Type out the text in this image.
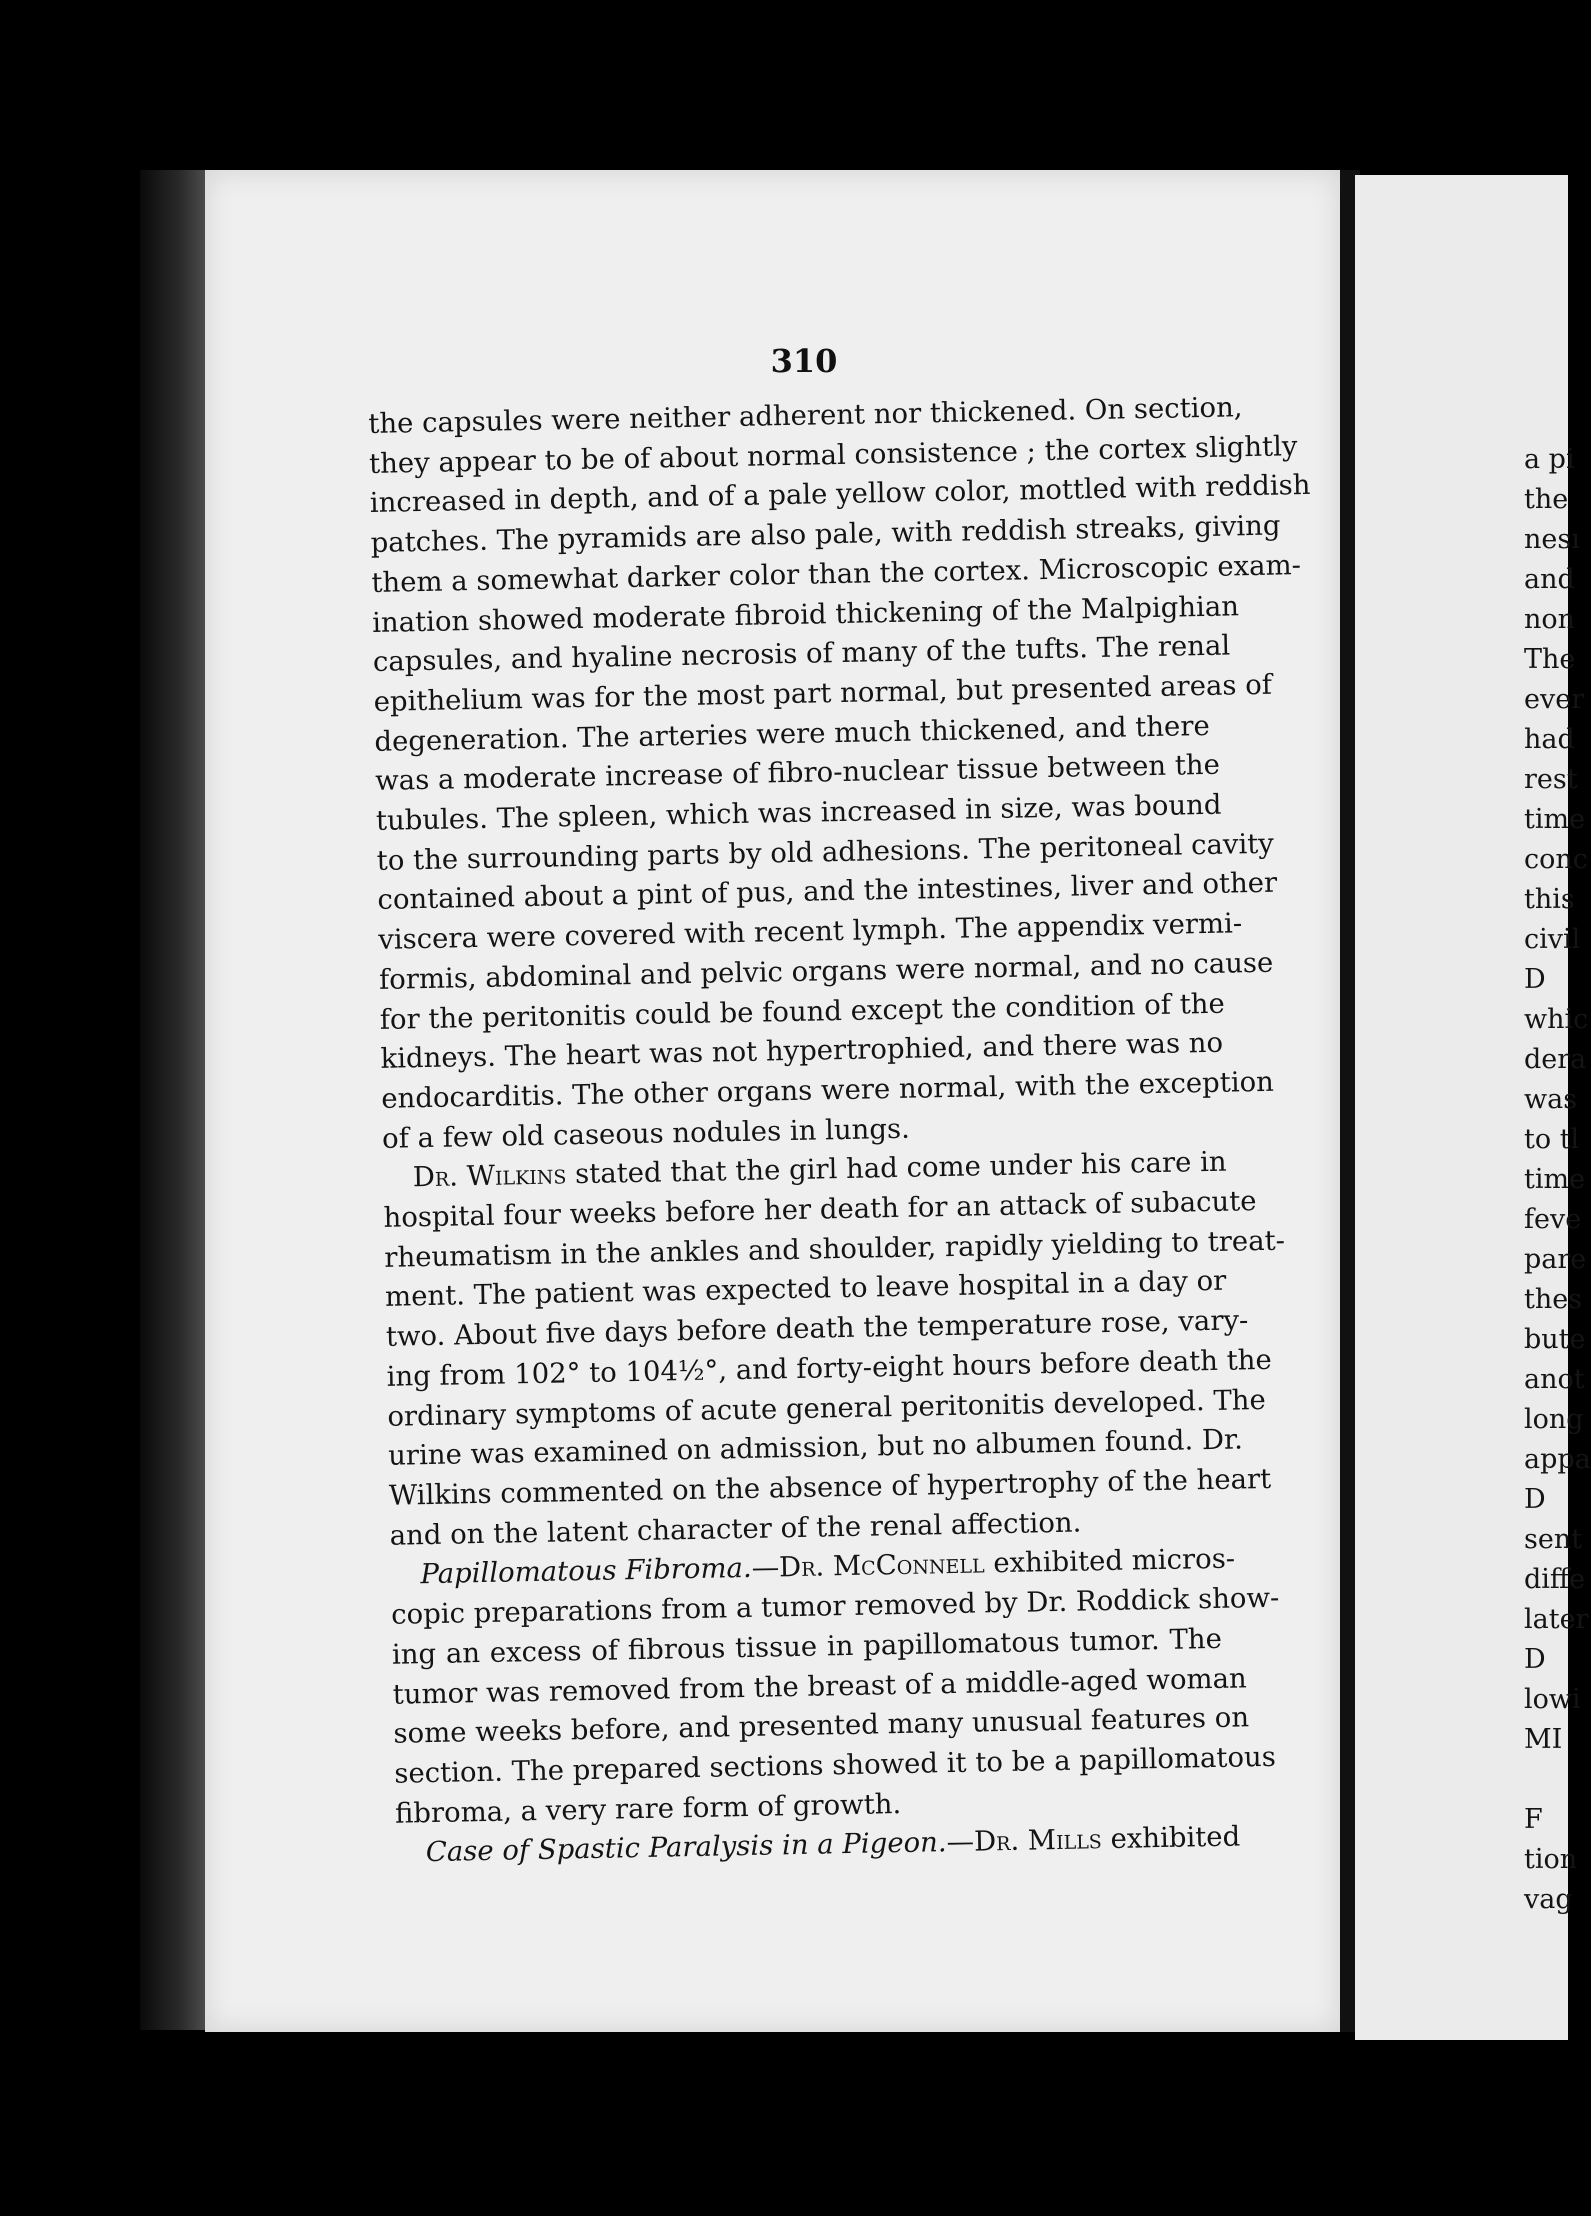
310

the capsules were neither adherent nor thickened. On section,
they appear to be of about normal consistence ; the cortex slightly
increased in depth, and of a pale yellow color, mottled with reddish
patches. The pyramids are also pale, with reddish streaks, giving
them a somewhat darker color than the cortex. Microscopic exam-
ination showed moderate fibroid thickening of the Malpighian
capsules, and hyaline necrosis of many of the tufts. The renal
epithelium was for the most part normal, but presented areas of
degeneration. The arteries were much thickened, and there
was a moderate increase of fibro-nuclear tissue between the
tubules. The spleen, which was increased in size, was bound
to the surrounding parts by old adhesions. The peritoneal cavity
contained about a pint of pus, and the intestines, liver and other
viscera were covered with recent lymph. The appendix vermi-
formis, abdominal and pelvic organs were normal, and no cause
for the peritonitis could be found except the condition of the
kidneys. The heart was not hypertrophied, and there was no
endocarditis. The other organs were normal, with the exception
of a few old caseous nodules in lungs.

Dr. Wilkins stated that the girl had come under his care in
hospital four weeks before her death for an attack of subacute
rheumatism in the ankles and shoulder, rapidly yielding to treat-
ment. The patient was expected to leave hospital in a day or
two. About five days before death the temperature rose, vary-
ing from 102° to 104½°, and forty-eight hours before death the
ordinary symptoms of acute general peritonitis developed. The
urine was examined on admission, but no albumen found. Dr.
Wilkins commented on the absence of hypertrophy of the heart
and on the latent character of the renal affection.

Papillomatous Fibroma.—Dr. McConnell exhibited micros-
copic preparations from a tumor removed by Dr. Roddick show-
ing an excess of fibrous tissue in papillomatous tumor. The
tumor was removed from the breast of a middle-aged woman
some weeks before, and presented many unusual features on
section. The prepared sections showed it to be a papillomatous
fibroma, a very rare form of growth.

Case of Spastic Paralysis in a Pigeon.—Dr. Mills exhibited

a pi
the
nesı
and
non
The
ever
had
rest
time
conc
this
civil
D
whic
dera
was
to tl
time
feve
pare
thes
bute
anot
long
appa
D
sent
diffe
later
D
lowi
MI
F
tion
vag
